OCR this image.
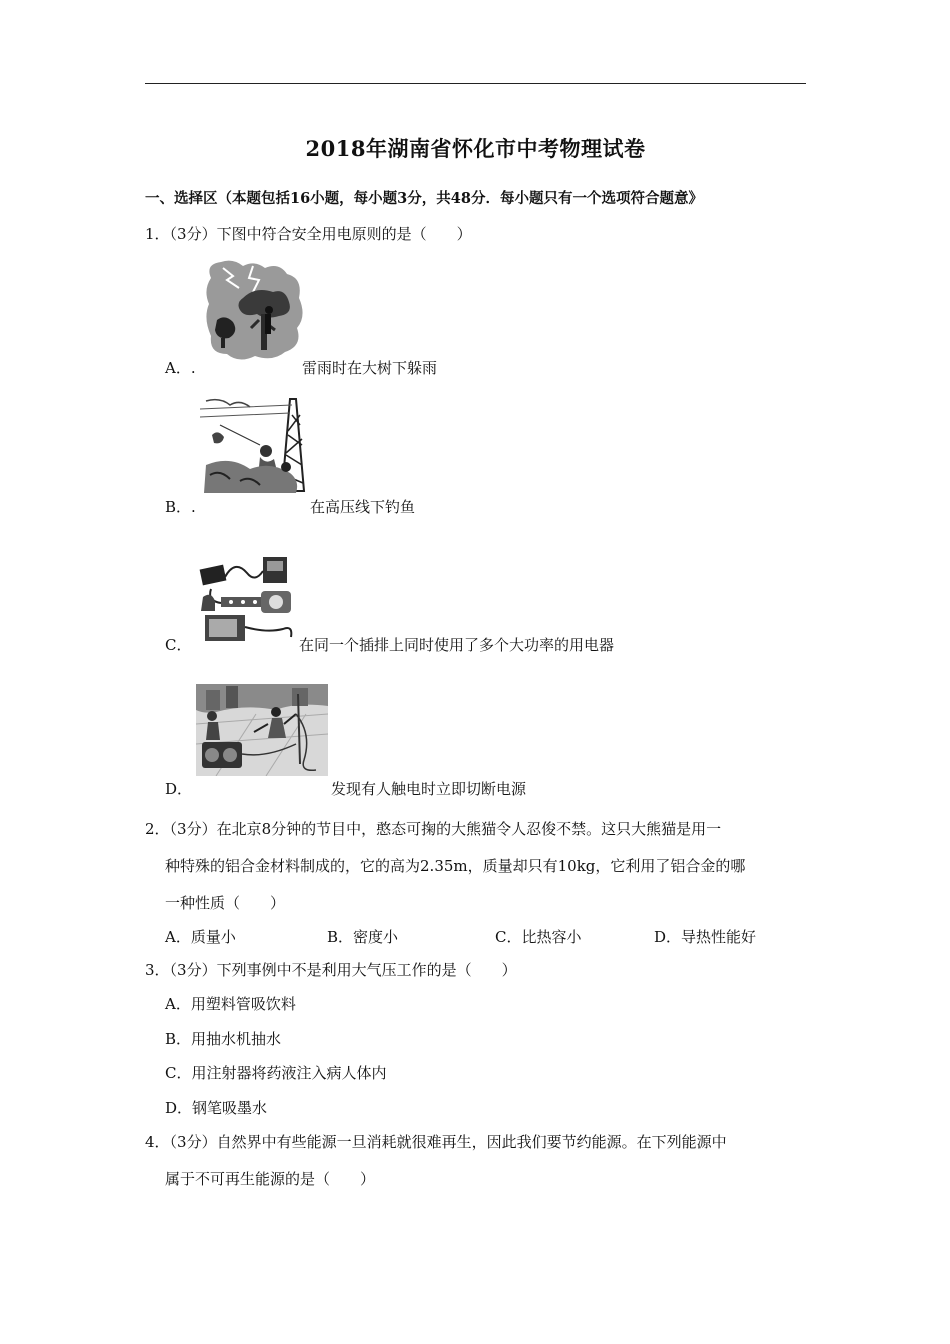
2018年湖南省怀化市中考物理试卷
一、选择区（本题包括16小题，每小题3分，共48分．每小题只有一个选项符合题意》
1．（3分）下图中符合安全用电原则的是（　　）
A．.	雷雨时在大树下躲雨
B．.	在高压线下钓鱼
C．	在同一个插排上同时使用了多个大功率的用电器
D．	发现有人触电时立即切断电源
2．（3分）在北京8分钟的节目中，憨态可掬的大熊猫令人忍俊不禁。这只大熊猫是用一
种特殊的铝合金材料制成的，它的高为2.35m，质量却只有10kg，它利用了铝合金的哪
一种性质（　　）
A．质量小	B．密度小	C．比热容小	D．导热性能好
3．（3分）下列事例中不是利用大气压工作的是（　　）
A．用塑料管吸饮料
B．用抽水机抽水
C．用注射器将药液注入病人体内
D．钢笔吸墨水
4．（3分）自然界中有些能源一旦消耗就很难再生，因此我们要节约能源。在下列能源中
属于不可再生能源的是（　　）
